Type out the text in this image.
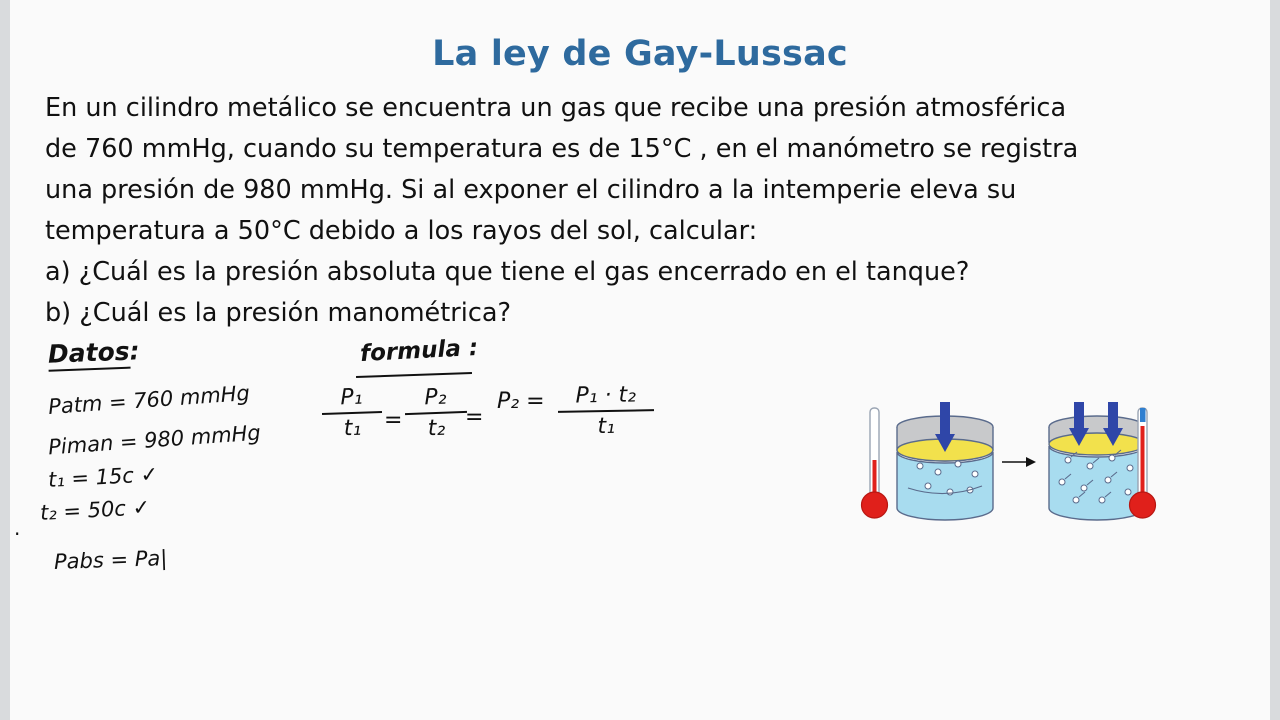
La ley de Gay-Lussac
En un cilindro metálico se encuentra un gas que recibe una presión atmosférica
de 760 mmHg, cuando su temperatura es de 15°C , en el manómetro se registra
una presión de 980 mmHg. Si al exponer el cilindro a la intemperie eleva su
temperatura a 50°C debido a los rayos del sol, calcular:
a) ¿Cuál es la presión absoluta que tiene el gas encerrado en el tanque?
b) ¿Cuál es la presión manométrica?
Datos:
Patm = 760 mmHg
Piman = 980 mmHg
t₁ = 15c ✓
t₂ = 50c ✓
Pabs = Pa|
.
formula :
P₁
t₁	=
P₂
t₂ =
P₂ =	P₁ · t₂
t₁
